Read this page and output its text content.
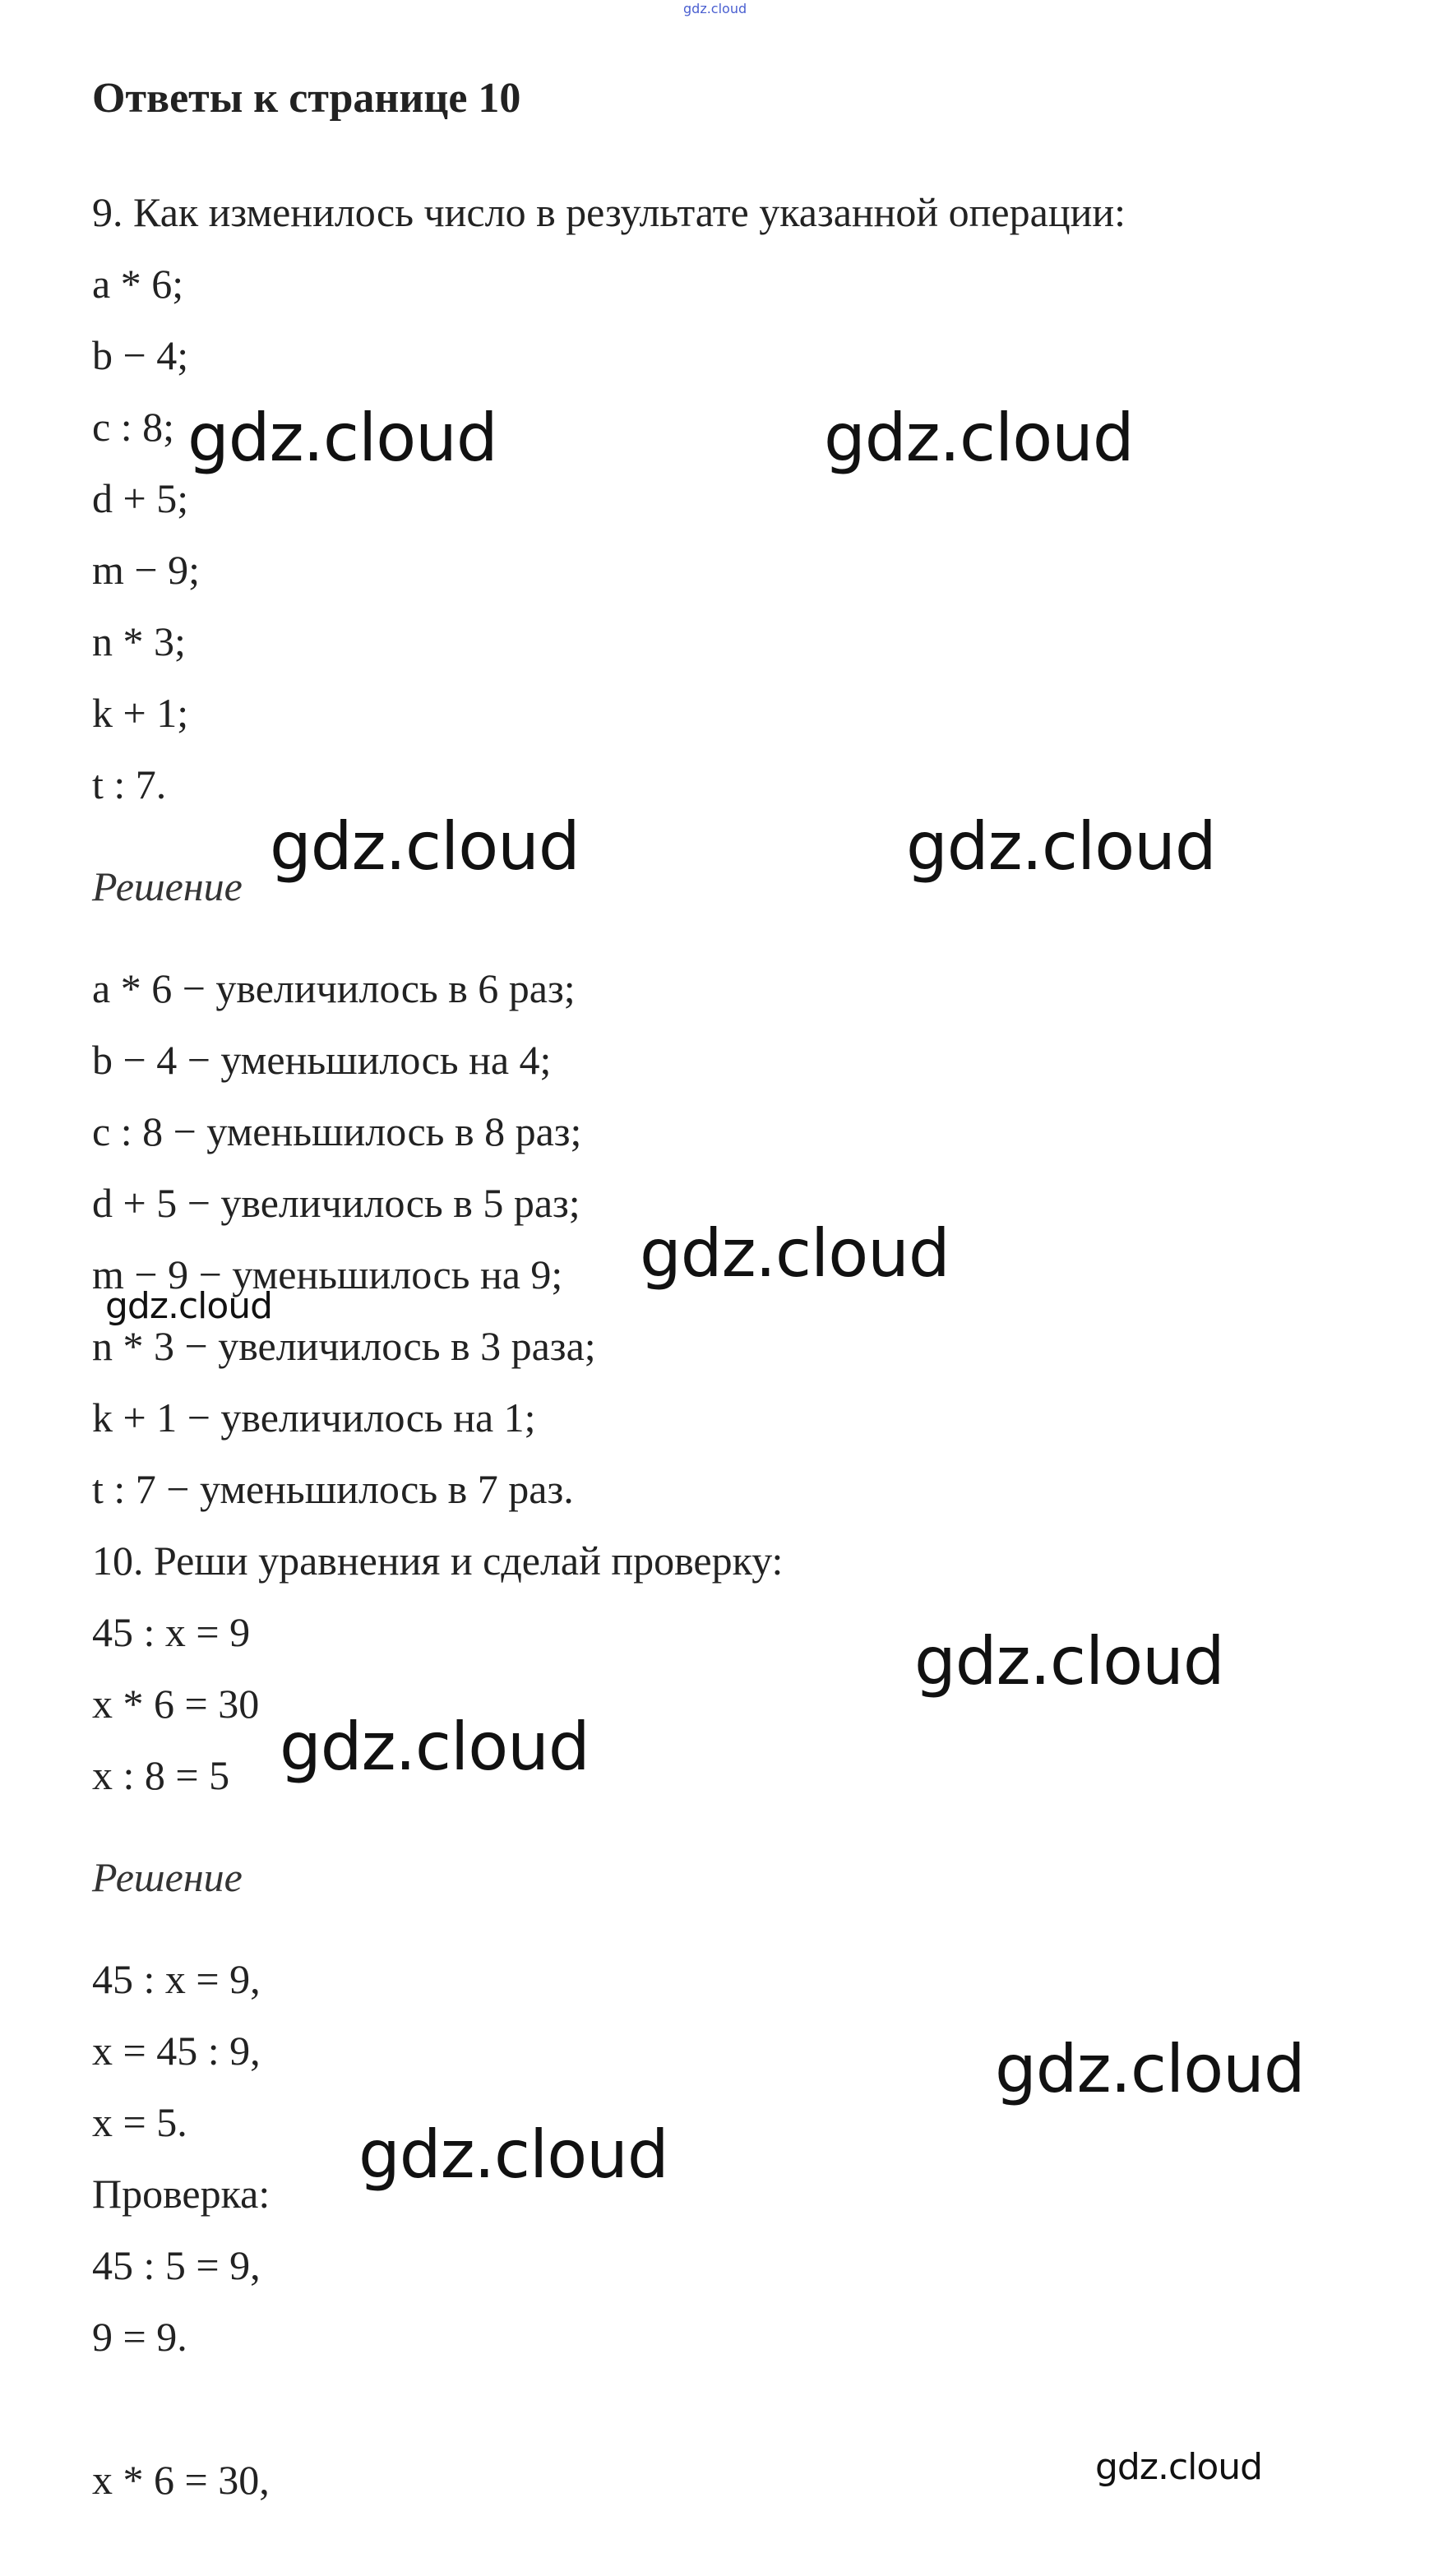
gdz.cloud
Ответы к странице 10
9. Как изменилось число в результате указанной операции:
a * 6;
b − 4;
c : 8;
d + 5;
m − 9;
n * 3;
k + 1;
t : 7.
Решение
a * 6 − увеличилось в 6 раз;
b − 4 − уменьшилось на 4;
c : 8 − уменьшилось в 8 раз;
d + 5 − увеличилось в 5 раз;
m − 9 − уменьшилось на 9;
n * 3 − увеличилось в 3 раза;
k + 1 − увеличилось на 1;
t : 7 − уменьшилось в 7 раз.
10. Реши уравнения и сделай проверку:
45 : x = 9
x * 6 = 30
x : 8 = 5
Решение
45 : x = 9,
x = 45 : 9,
x = 5.
Проверка:
45 : 5 = 9,
9 = 9.
x * 6 = 30,
gdz.cloud	gdz.cloud
gdz.cloud	gdz.cloud
gdz.cloud
gdz.cloud
gdz.cloud
gdz.cloud
gdz.cloud
gdz.cloud
gdz.cloud
